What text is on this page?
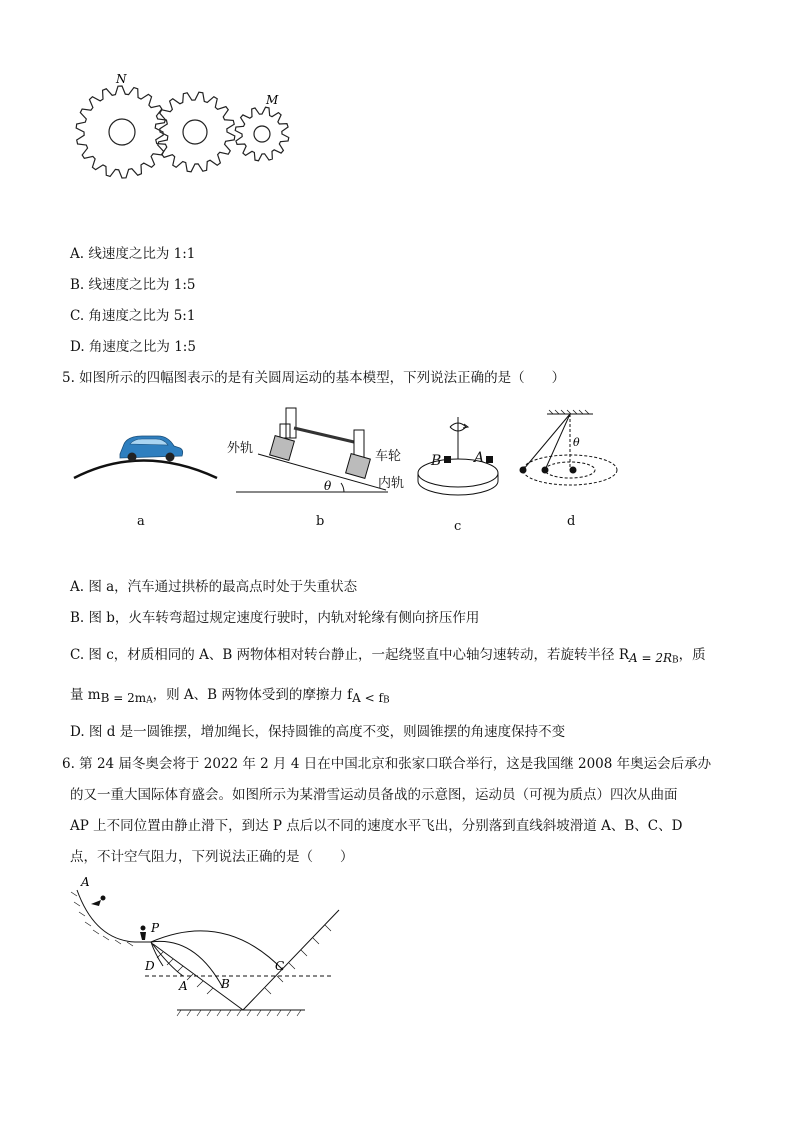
N
M
A. 线速度之比为 1:1
B. 线速度之比为 1:5
C. 角速度之比为 5:1
D. 角速度之比为 1:5
5. 如图所示的四幅图表示的是有关圆周运动的基本模型，下列说法正确的是（　　）
a
θ
外轨
车轮
内轨
b
B A
c
θ
d
A. 图 a，汽车通过拱桥的最高点时处于失重状态
B. 图 b，火车转弯超过规定速度行驶时，内轨对轮缘有侧向挤压作用
C. 图 c，材质相同的 A、B 两物体相对转台静止，一起绕竖直中心轴匀速转动，若旋转半径 $R_{A = 2RB}$，质
量 $m_{B = 2mA}$，则 A、B 两物体受到的摩擦力 $f_{A < fB}$
D. 图 d 是一圆锥摆，增加绳长，保持圆锥的高度不变，则圆锥摆的角速度保持不变
6. 第 24 届冬奥会将于 2022 年 2 月 4 日在中国北京和张家口联合举行，这是我国继 2008 年奥运会后承办
的又一重大国际体育盛会。如图所示为某滑雪运动员备战的示意图，运动员（可视为质点）四次从曲面
AP 上不同位置由静止滑下，到达 P 点后以不同的速度水平飞出，分别落到直线斜坡滑道 A、B、C、D
点，不计空气阻力，下列说法正确的是（　　）
A
P
D
A	B
C
